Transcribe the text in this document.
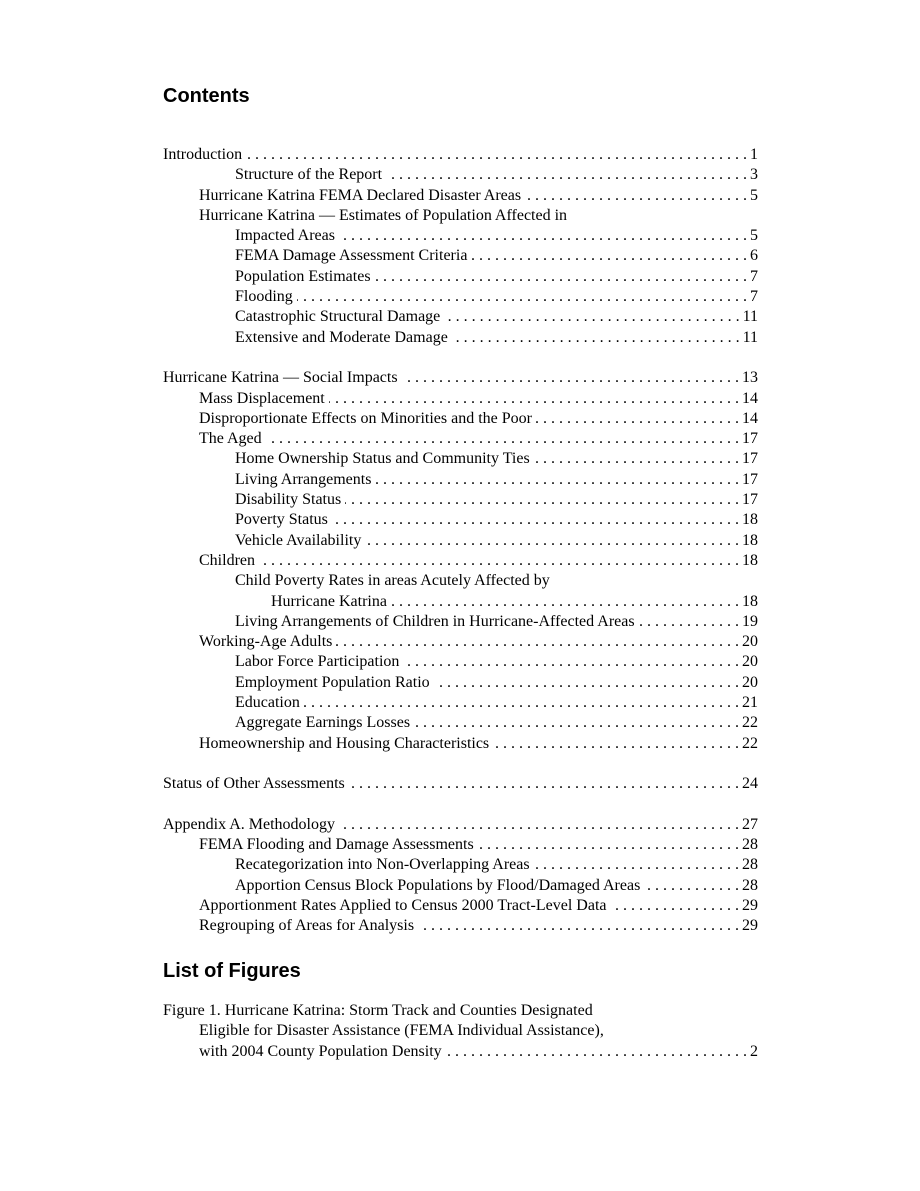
Contents
Introduction . . .	1
Structure of the Report . . .	3
Hurricane Katrina FEMA Declared Disaster Areas . . .	5
Hurricane Katrina — Estimates of Population Affected in
Impacted Areas . . .	5
FEMA Damage Assessment Criteria . . .	6
Population Estimates . . .	7
Flooding . . .	7
Catastrophic Structural Damage . . .	11
Extensive and Moderate Damage . . .	11
Hurricane Katrina — Social Impacts . . .	13
Mass Displacement . . .	14
Disproportionate Effects on Minorities and the Poor . . .	14
The Aged . . .	17
Home Ownership Status and Community Ties . . .	17
Living Arrangements . . .	17
Disability Status . . .	17
Poverty Status . . .	18
Vehicle Availability . . .	18
Children . . .	18
Child Poverty Rates in areas Acutely Affected by
Hurricane Katrina . . .	18
Living Arrangements of Children in Hurricane-Affected Areas . . .	19
Working-Age Adults . . .	20
Labor Force Participation . . .	20
Employment Population Ratio . . .	20
Education . . .	21
Aggregate Earnings Losses . . .	22
Homeownership and Housing Characteristics . . .	22
Status of Other Assessments . . .	24
Appendix A. Methodology . . .	27
FEMA Flooding and Damage Assessments . . .	28
Recategorization into Non-Overlapping Areas . . .	28
Apportion Census Block Populations by Flood/Damaged Areas . . .	28
Apportionment Rates Applied to Census 2000 Tract-Level Data . . .	29
Regrouping of Areas for Analysis . . .	29
List of Figures
Figure 1. Hurricane Katrina: Storm Track and Counties Designated
Eligible for Disaster Assistance (FEMA Individual Assistance),
with 2004 County Population Density . . .	2
